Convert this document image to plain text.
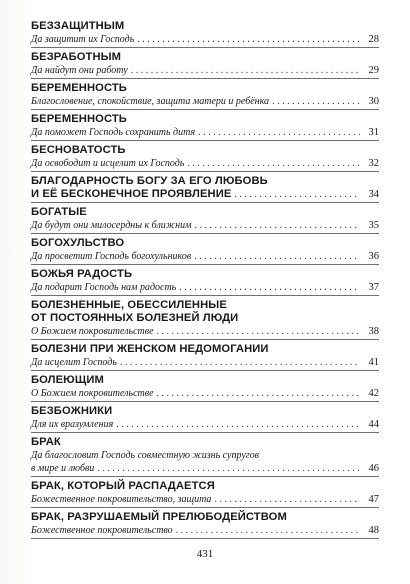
БЕЗЗАЩИТНЫМ
Да защитит их Господь . . .	28
БЕЗРАБОТНЫМ
Да найдут они работу . . .	29
БЕРЕМЕННОСТЬ
Благословение, спокойствие, защита матери и ребёнка . . .	30
БЕРЕМЕННОСТЬ
Да поможет Господь сохранить дитя . . .	31
БЕСНОВАТОСТЬ
Да освободит и исцелит их Господь . . .	32
БЛАГОДАРНОСТЬ БОГУ ЗА ЕГО ЛЮБОВЬ
И ЕЁ БЕСКОНЕЧНОЕ ПРОЯВЛЕНИЕ . . .	34
БОГАТЫЕ
Да будут они милосердны к ближним . . .	35
БОГОХУЛЬСТВО
Да просветит Господь богохульников . . .	36
БОЖЬЯ РАДОСТЬ
Да подарит Господь нам радость . . .	37
БОЛЕЗНЕННЫЕ, ОБЕССИЛЕННЫЕ
ОТ ПОСТОЯННЫХ БОЛЕЗНЕЙ ЛЮДИ
О Божием покровительстве . . .	38
БОЛЕЗНИ ПРИ ЖЕНСКОМ НЕДОМОГАНИИ
Да исцелит Господь . . .	41
БОЛЕЮЩИМ
О Божием покровительстве . . .	42
БЕЗБОЖНИКИ
Для их вразумления . . .	44
БРАК
Да благословит Господь совместную жизнь супругов
в мире и любви . . .	46
БРАК, КОТОРЫЙ РАСПАДАЕТСЯ
Божественное покровительство, защита . . .	47
БРАК, РАЗРУШАЕМЫЙ ПРЕЛЮБОДЕЙСТВОМ
Божественное покровительство . . .	48
431
